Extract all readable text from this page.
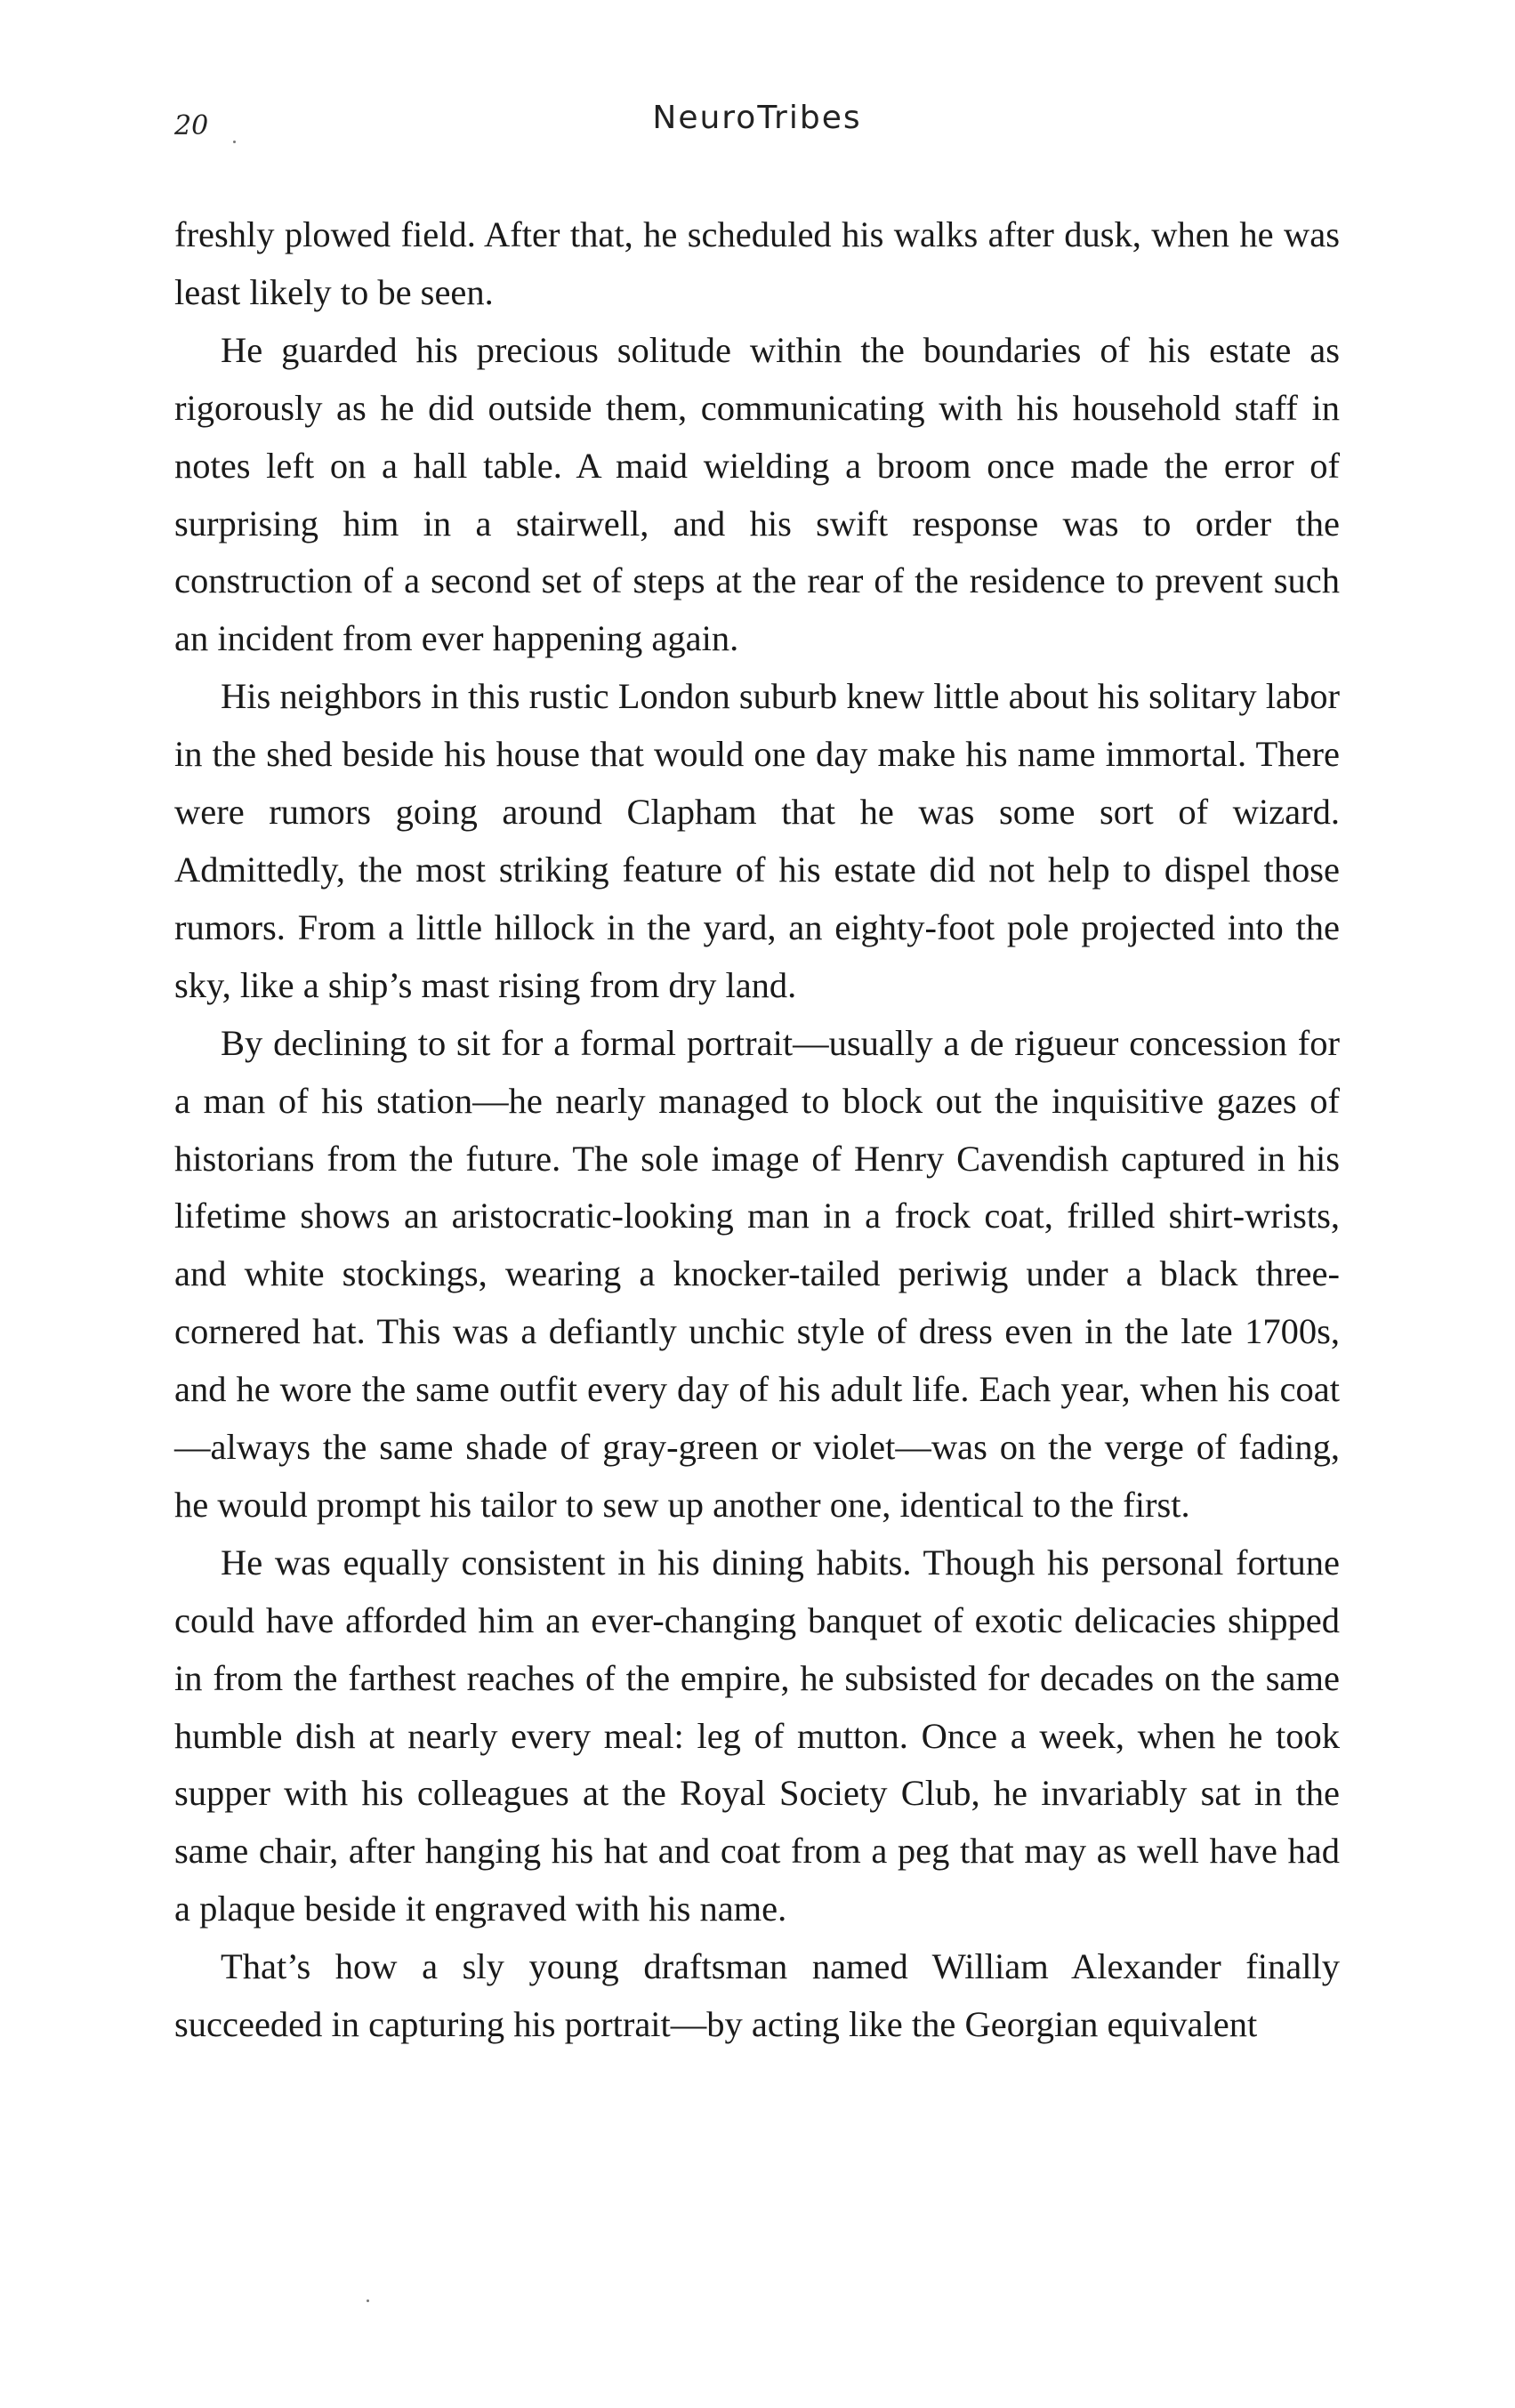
20	NeuroTribes

freshly plowed field. After that, he scheduled his walks after dusk, when he was least likely to be seen.

He guarded his precious solitude within the boundaries of his estate as rigorously as he did outside them, communicating with his household staff in notes left on a hall table. A maid wielding a broom once made the error of surprising him in a stairwell, and his swift response was to order the construction of a second set of steps at the rear of the residence to prevent such an incident from ever happening again.

His neighbors in this rustic London suburb knew little about his solitary labor in the shed beside his house that would one day make his name immortal. There were rumors going around Clapham that he was some sort of wizard. Admittedly, the most striking feature of his estate did not help to dispel those rumors. From a little hillock in the yard, an eighty-foot pole projected into the sky, like a ship’s mast rising from dry land.

By declining to sit for a formal portrait—usually a de rigueur concession for a man of his station—he nearly managed to block out the inquisitive gazes of historians from the future. The sole image of Henry Cavendish captured in his lifetime shows an aristocratic-looking man in a frock coat, frilled shirt-wrists, and white stockings, wearing a knocker-tailed periwig under a black three-cornered hat. This was a defiantly unchic style of dress even in the late 1700s, and he wore the same outfit every day of his adult life. Each year, when his coat—always the same shade of gray-green or violet—was on the verge of fading, he would prompt his tailor to sew up another one, identical to the first.

He was equally consistent in his dining habits. Though his personal fortune could have afforded him an ever-changing banquet of exotic delicacies shipped in from the farthest reaches of the empire, he subsisted for decades on the same humble dish at nearly every meal: leg of mutton. Once a week, when he took supper with his colleagues at the Royal Society Club, he invariably sat in the same chair, after hanging his hat and coat from a peg that may as well have had a plaque beside it engraved with his name.

That’s how a sly young draftsman named William Alexander finally succeeded in capturing his portrait—by acting like the Georgian equivalent
